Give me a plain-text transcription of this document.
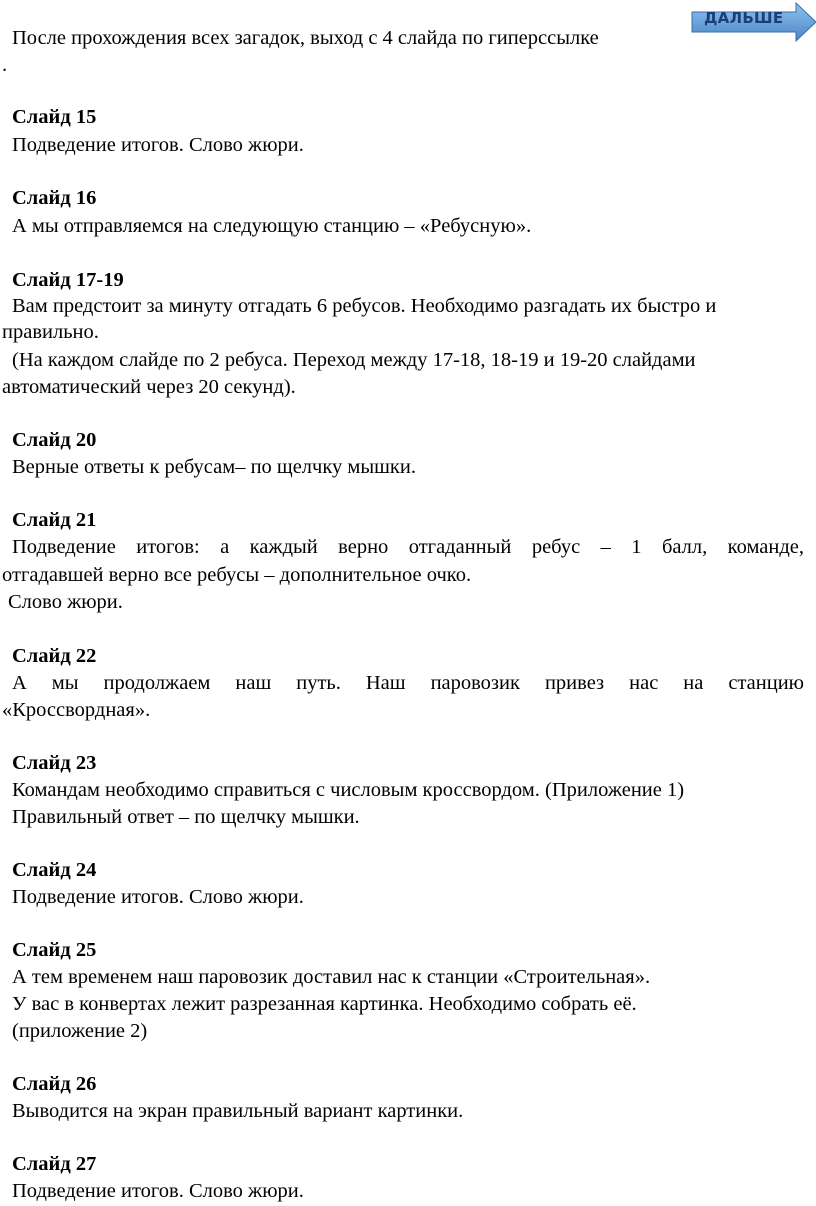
После прохождения всех загадок, выход с 4 слайда по гиперссылке
.
ДАЛЬШЕ
Слайд 15
Подведение итогов. Слово жюри.
Слайд 16
А мы отправляемся на следующую станцию – «Ребусную».
Слайд 17-19
Вам предстоит за минуту отгадать 6 ребусов. Необходимо разгадать их быстро и
правильно.
(На каждом слайде по 2 ребуса. Переход между 17-18, 18-19 и 19-20 слайдами
автоматический через 20 секунд).
Слайд 20
Верные ответы к ребусам– по щелчку мышки.
Слайд 21
Подведение итогов: а каждый верно отгаданный ребус – 1 балл, команде,
отгадавшей верно все ребусы – дополнительное очко.
Слово жюри.
Слайд 22
А мы продолжаем наш путь. Наш паровозик привез нас на станцию
«Кроссвордная».
Слайд 23
Командам необходимо справиться с числовым кроссвордом. (Приложение 1)
Правильный ответ – по щелчку мышки.
Слайд 24
Подведение итогов. Слово жюри.
Слайд 25
А тем временем наш паровозик доставил нас к станции «Строительная».
У вас в конвертах лежит разрезанная картинка. Необходимо собрать её.
(приложение 2)
Слайд 26
Выводится на экран правильный вариант картинки.
Слайд 27
Подведение итогов. Слово жюри.
